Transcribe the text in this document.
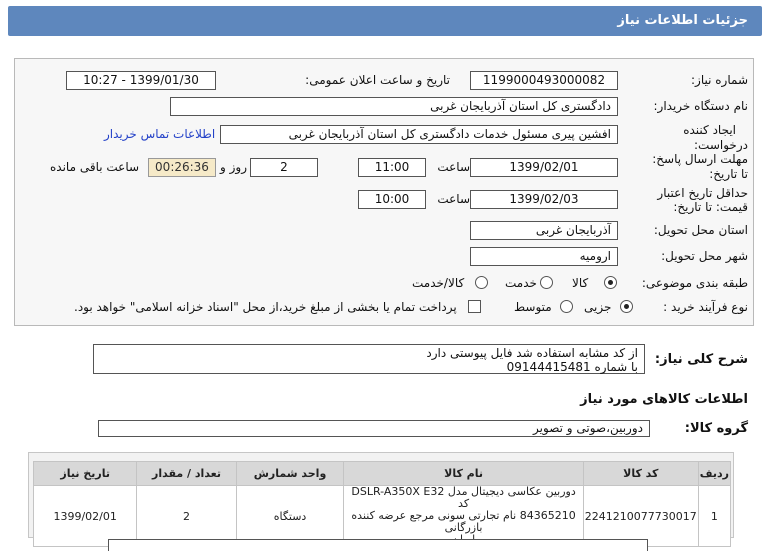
جزئیات اطلاعات نیاز
شماره نیاز:
1199000493000082
تاریخ و ساعت اعلان عمومی:
1399/01/30 - 10:27
نام دستگاه خریدار:
دادگستری کل استان آذربایجان غربی
ایجاد کننده
درخواست:
افشین پیری مسئول خدمات دادگستری کل استان آذربایجان غربی
اطلاعات تماس خریدار
مهلت ارسال پاسخ:
تا تاریخ:
1399/02/01
ساعت
11:00
2
روز و
00:26:36
ساعت باقی مانده
حداقل تاریخ اعتبار
قیمت: تا تاریخ:
1399/02/03
ساعت
10:00
استان محل تحویل:
آذربایجان غربی
شهر محل تحویل:
ارومیه
طبقه بندی موضوعی:
کالا
خدمت
کالا/خدمت
نوع فرآیند خرید :
جزیی
متوسط
پرداخت تمام یا بخشی از مبلغ خرید،از محل "اسناد خزانه اسلامی" خواهد بود.
شرح کلی نیاز:
از کد مشابه استفاده شد فایل پیوستی دارد
با شماره 09144415481
اطلاعات کالاهای مورد نیاز
گروه کالا:
دوربین،صوتی و تصویر
ردیف	کد کالا	نام کالا	واحد شمارش	تعداد / مقدار	تاریخ نیاز
1	2241210077730017	دوربین عکاسی دیجیتال مدل DSLR-A350X E32 کد
84365210 نام تجارتی سونی مرجع عرضه کننده بازرگانی	دستگاه	2	1399/02/01
